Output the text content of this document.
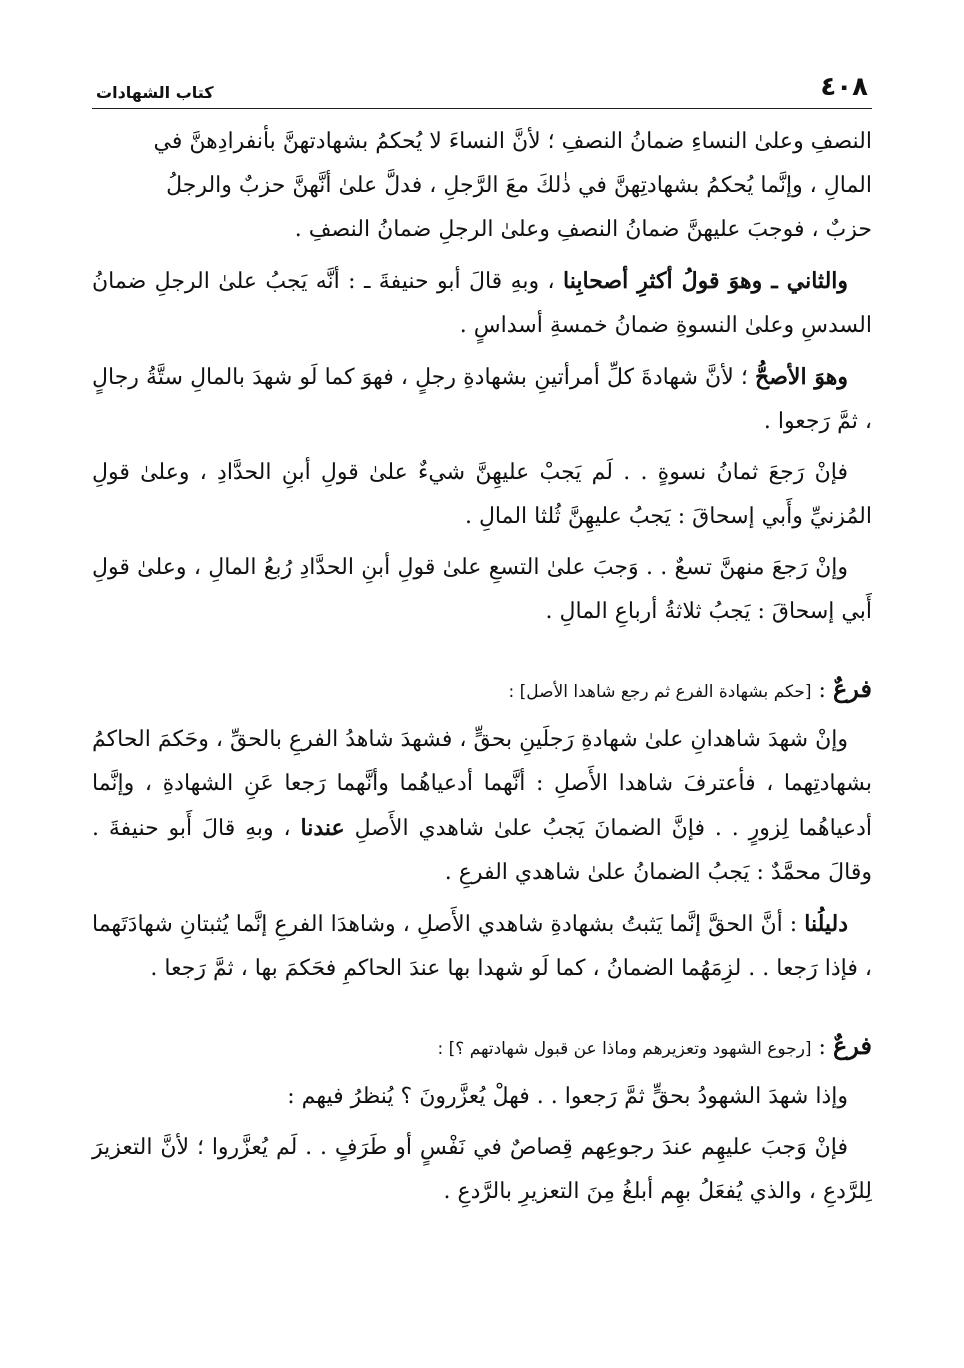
٤٠٨
كتاب الشهادات

النصفِ وعلىٰ النساءِ ضمانُ النصفِ ؛ لأنَّ النساءَ لا يُحكمُ بشهادتهنَّ بأنفرادِهنَّ في
المالِ ، وإنَّما يُحكمُ بشهادتِهنَّ في ذٰلكَ معَ الرَّجلِ ، فدلَّ علىٰ أنَّهنَّ حزبٌ والرجلُ
حزبٌ ، فوجبَ عليهنَّ ضمانُ النصفِ وعلىٰ الرجلِ ضمانُ النصفِ .

والثاني ـ وهوَ قولُ أكثرِ أصحابِنا ، وبهِ قالَ أبو حنيفةَ ـ : أنَّه يَجبُ علىٰ الرجلِ ضمانُ السدسِ وعلىٰ النسوةِ ضمانُ خمسةِ أسداسٍ .

وهوَ الأصحُّ ؛ لأنَّ شهادةَ كلِّ أمرأتينِ بشهادةِ رجلٍ ، فهوَ كما لَو شهدَ بالمالِ ستَّةُ رجالٍ ، ثمَّ رَجعوا .

فإنْ رَجعَ ثمانُ نسوةٍ . . لَم يَجبْ عليهِنَّ شيءٌ علىٰ قولِ أبنِ الحدَّادِ ، وعلىٰ قولِ المُزنيِّ وأَبي إسحاقَ : يَجبُ عليهِنَّ ثُلثا المالِ .

وإنْ رَجعَ منهنَّ تسعٌ . . وَجبَ علىٰ التسعِ علىٰ قولِ أبنِ الحدَّادِ رُبعُ المالِ ، وعلىٰ قولِ أَبي إسحاقَ : يَجبُ ثلاثةُ أرباعِ المالِ .

فرعٌ : [حكم بشهادة الفرع ثم رجع شاهدا الأصل] :

وإنْ شهدَ شاهدانِ علىٰ شهادةِ رَجلَينِ بحقٍّ ، فشهدَ شاهدُ الفرعِ بالحقِّ ، وحَكمَ الحاكمُ بشهادتِهما ، فأعترفَ شاهدا الأَصلِ : أنَّهما أدعياهُما وأنَّهما رَجعا عَنِ الشهادةِ ، وإنَّما أدعياهُما لِزورٍ . . فإنَّ الضمانَ يَجبُ علىٰ شاهدي الأَصلِ عندنا ، وبهِ قالَ أَبو حنيفةَ . وقالَ محمَّدٌ : يَجبُ الضمانُ علىٰ شاهدي الفرعِ .

دليلُنا : أنَّ الحقَّ إنَّما يَثبتُ بشهادةِ شاهدي الأَصلِ ، وشاهدَا الفرعِ إنَّما يُثبتانِ شهادَتَهما ، فإذا رَجعا . . لزِمَهُما الضمانُ ، كما لَو شهدا بها عندَ الحاكمِ فحَكمَ بها ، ثمَّ رَجعا .

فرعٌ : [رجوع الشهود وتعزيرهم وماذا عن قبول شهادتهم ؟] :

وإذا شهدَ الشهودُ بحقٍّ ثمَّ رَجعوا . . فهلْ يُعزَّرونَ ؟ يُنظرُ فيهم :

فإنْ وَجبَ عليهِم عندَ رجوعِهم قِصاصٌ في نَفْسٍ أو طَرَفٍ . . لَم يُعزَّروا ؛ لأنَّ التعزيرَ لِلرَّدعِ ، والذي يُفعَلُ بهِم أبلغُ مِنَ التعزيرِ بالرَّدعِ .
